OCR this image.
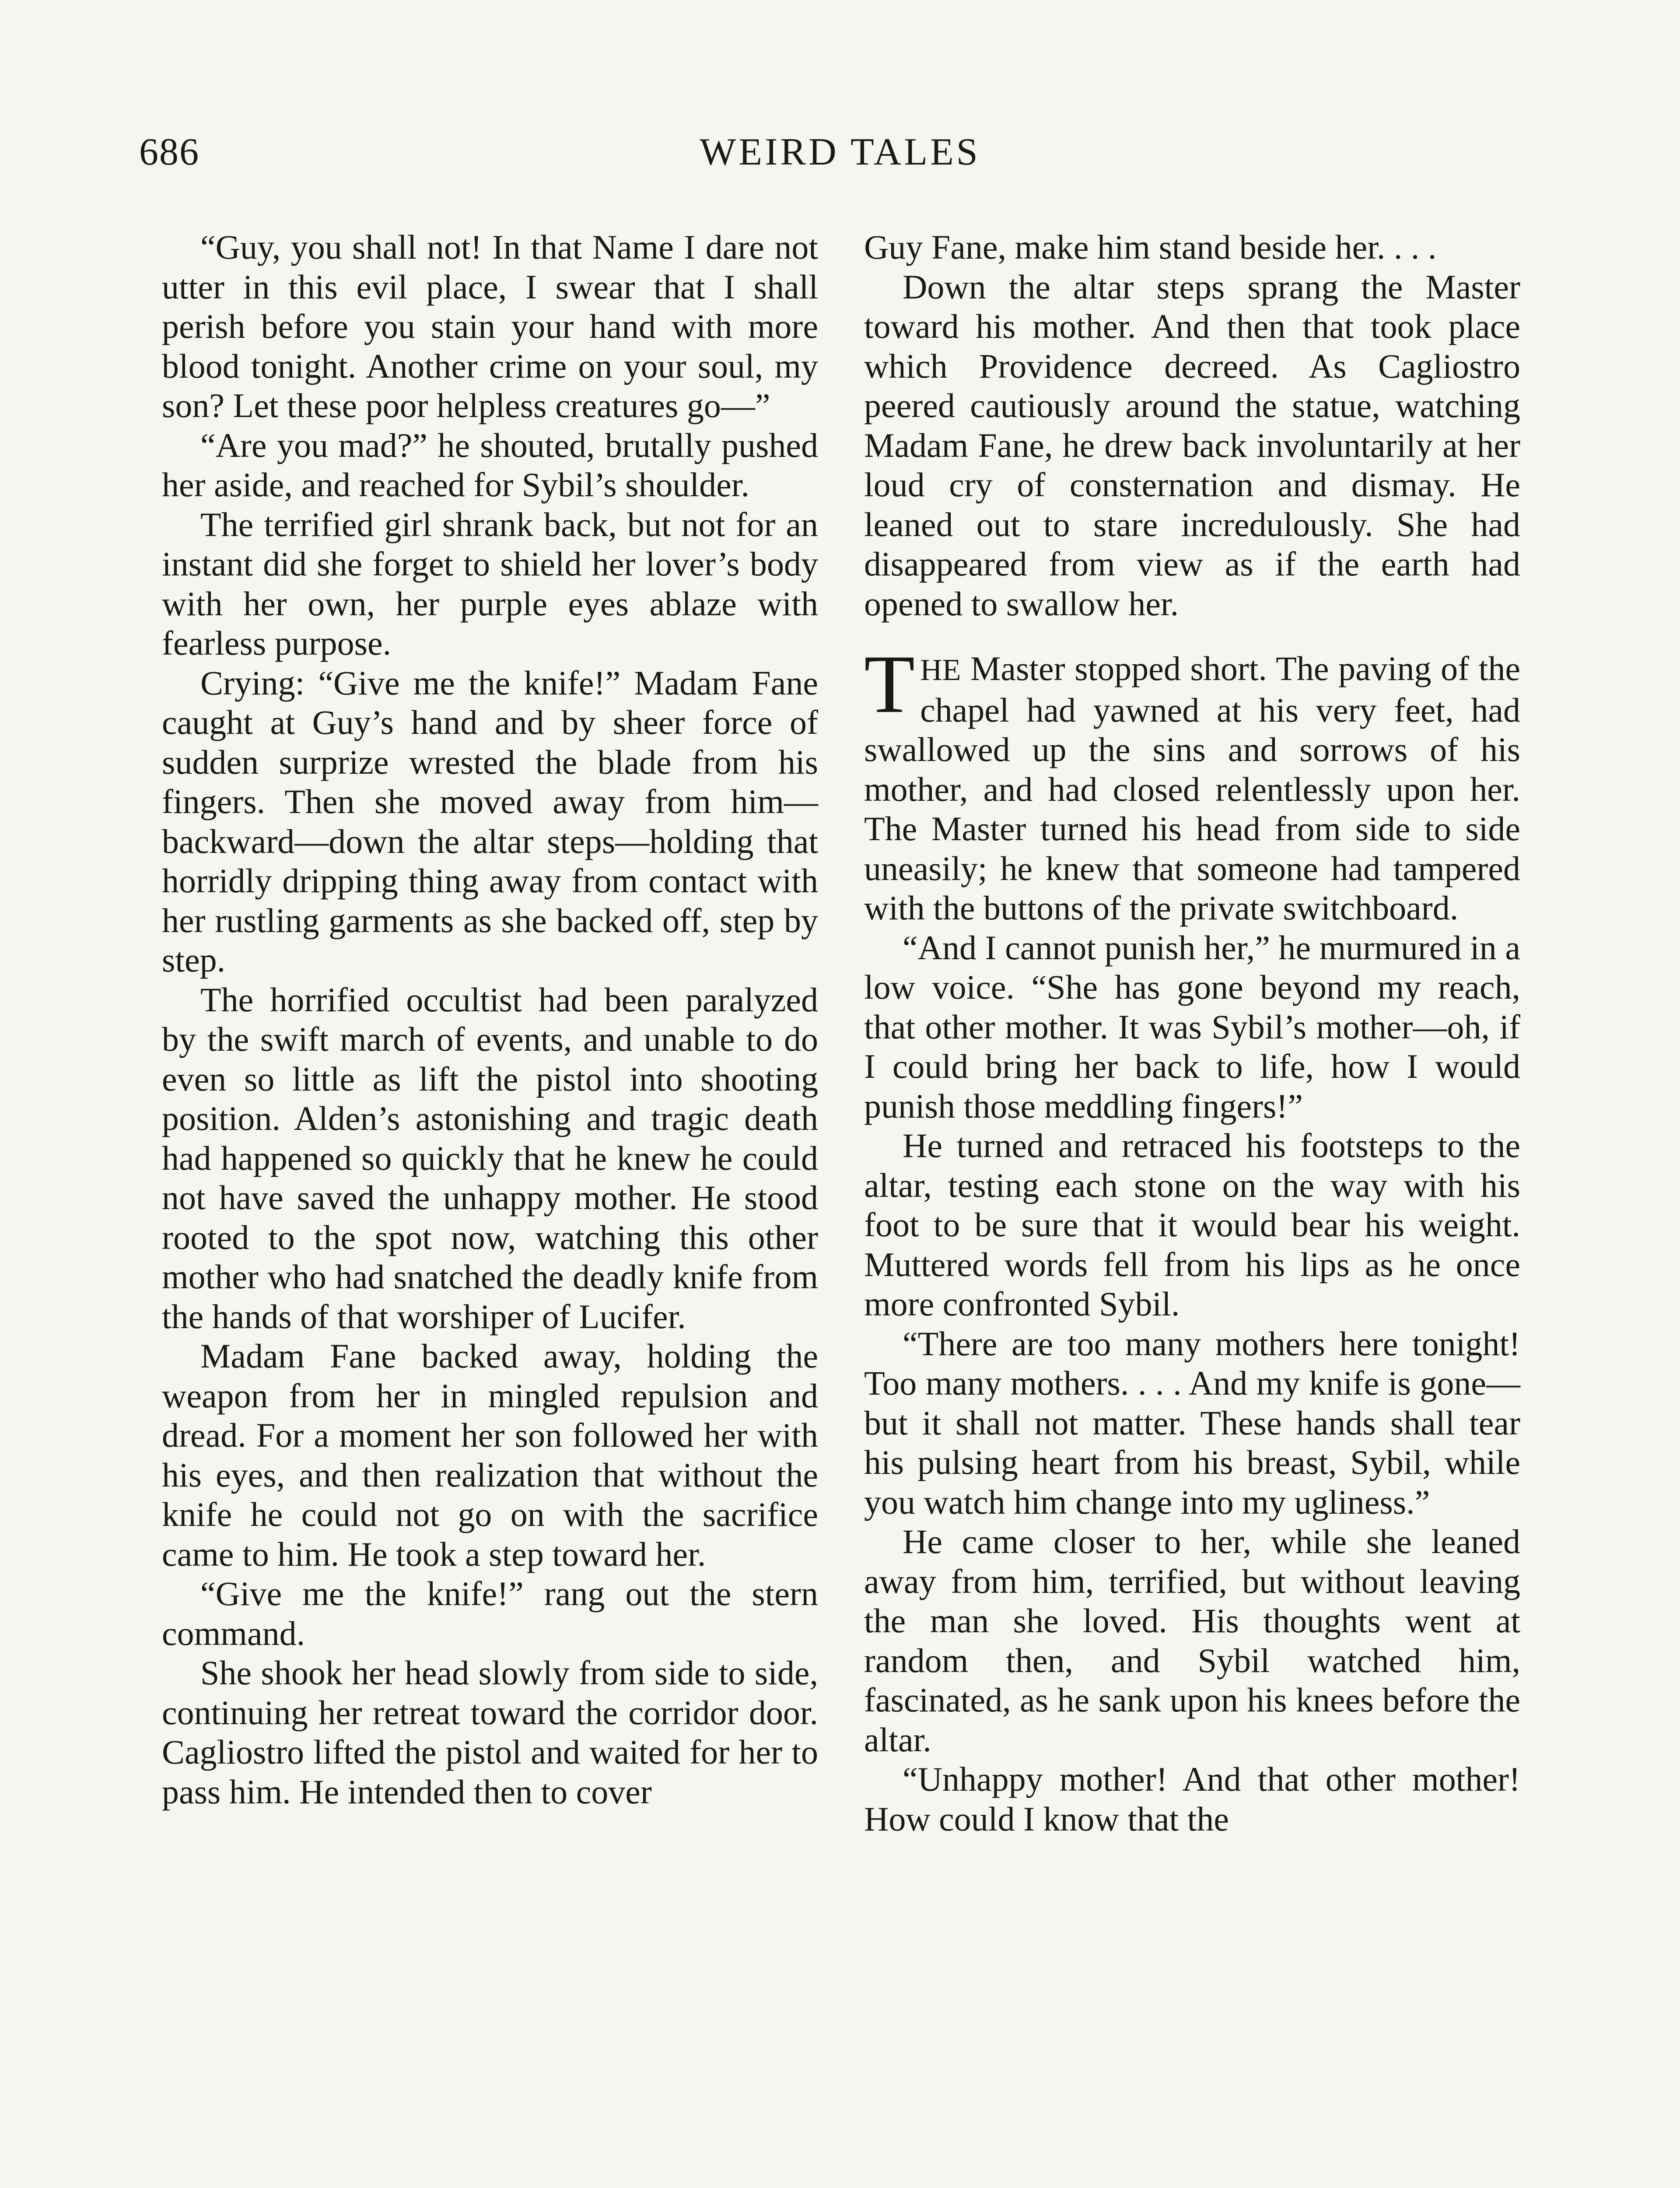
686	WEIRD TALES

“Guy, you shall not! In that Name I dare not utter in this evil place, I swear that I shall perish before you stain your hand with more blood tonight. Another crime on your soul, my son? Let these poor helpless creatures go—”

“Are you mad?” he shouted, brutally pushed her aside, and reached for Sybil’s shoulder.

The terrified girl shrank back, but not for an instant did she forget to shield her lover’s body with her own, her purple eyes ablaze with fearless purpose.

Crying: “Give me the knife!” Madam Fane caught at Guy’s hand and by sheer force of sudden surprize wrested the blade from his fingers. Then she moved away from him—backward—down the altar steps—holding that horridly dripping thing away from contact with her rustling garments as she backed off, step by step.

The horrified occultist had been paralyzed by the swift march of events, and unable to do even so little as lift the pistol into shooting position. Alden’s astonishing and tragic death had happened so quickly that he knew he could not have saved the unhappy mother. He stood rooted to the spot now, watching this other mother who had snatched the deadly knife from the hands of that worshiper of Lucifer.

Madam Fane backed away, holding the weapon from her in mingled repulsion and dread. For a moment her son followed her with his eyes, and then realization that without the knife he could not go on with the sacrifice came to him. He took a step toward her.

“Give me the knife!” rang out the stern command.

She shook her head slowly from side to side, continuing her retreat toward the corridor door. Cagliostro lifted the pistol and waited for her to pass him. He intended then to cover

Guy Fane, make him stand beside her. . . .

Down the altar steps sprang the Master toward his mother. And then that took place which Providence decreed. As Cagliostro peered cautiously around the statue, watching Madam Fane, he drew back involuntarily at her loud cry of consternation and dismay. He leaned out to stare incredulously. She had disappeared from view as if the earth had opened to swallow her.

THE Master stopped short. The paving of the chapel had yawned at his very feet, had swallowed up the sins and sorrows of his mother, and had closed relentlessly upon her. The Master turned his head from side to side uneasily; he knew that someone had tampered with the buttons of the private switchboard.

“And I cannot punish her,” he murmured in a low voice. “She has gone beyond my reach, that other mother. It was Sybil’s mother—oh, if I could bring her back to life, how I would punish those meddling fingers!”

He turned and retraced his footsteps to the altar, testing each stone on the way with his foot to be sure that it would bear his weight. Muttered words fell from his lips as he once more confronted Sybil.

“There are too many mothers here tonight! Too many mothers. . . . And my knife is gone—but it shall not matter. These hands shall tear his pulsing heart from his breast, Sybil, while you watch him change into my ugliness.”

He came closer to her, while she leaned away from him, terrified, but without leaving the man she loved. His thoughts went at random then, and Sybil watched him, fascinated, as he sank upon his knees before the altar.

“Unhappy mother! And that other mother! How could I know that the
